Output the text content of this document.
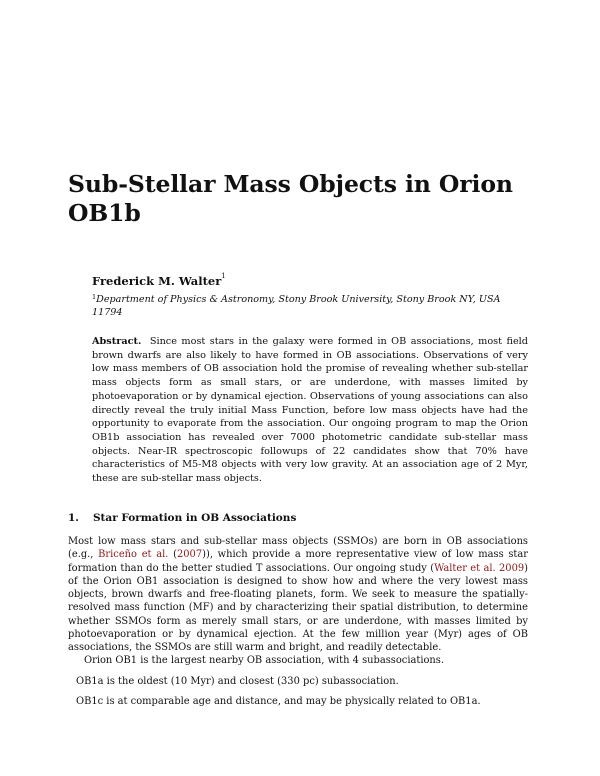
Sub-Stellar Mass Objects in Orion OB1b

Frederick M. Walter$^1$

$^1$Department of Physics & Astronomy, Stony Brook University, Stony Brook NY, USA 11794

Abstract. Since most stars in the galaxy were formed in OB associations, most field brown dwarfs are also likely to have formed in OB associations. Observations of very low mass members of OB association hold the promise of revealing whether sub-stellar mass objects form as small stars, or are underdone, with masses limited by photoevaporation or by dynamical ejection. Observations of young associations can also directly reveal the truly initial Mass Function, before low mass objects have had the opportunity to evaporate from the association. Our ongoing program to map the Orion OB1b association has revealed over 7000 photometric candidate sub-stellar mass objects. Near-IR spectroscopic followups of 22 candidates show that 70% have characteristics of M5-M8 objects with very low gravity. At an association age of 2 Myr, these are sub-stellar mass objects.

1. Star Formation in OB Associations

Most low mass stars and sub-stellar mass objects (SSMOs) are born in OB associations (e.g., Briceño et al. (2007)), which provide a more representative view of low mass star formation than do the better studied T associations. Our ongoing study (Walter et al. 2009) of the Orion OB1 association is designed to show how and where the very lowest mass objects, brown dwarfs and free-floating planets, form. We seek to measure the spatially-resolved mass function (MF) and by characterizing their spatial distribution, to determine whether SSMOs form as merely small stars, or are underdone, with masses limited by photoevaporation or by dynamical ejection. At the few million year (Myr) ages of OB associations, the SSMOs are still warm and bright, and readily detectable.

Orion OB1 is the largest nearby OB association, with 4 subassociations.

OB1a is the oldest (10 Myr) and closest (330 pc) subassociation.

OB1c is at comparable age and distance, and may be physically related to OB1a.
